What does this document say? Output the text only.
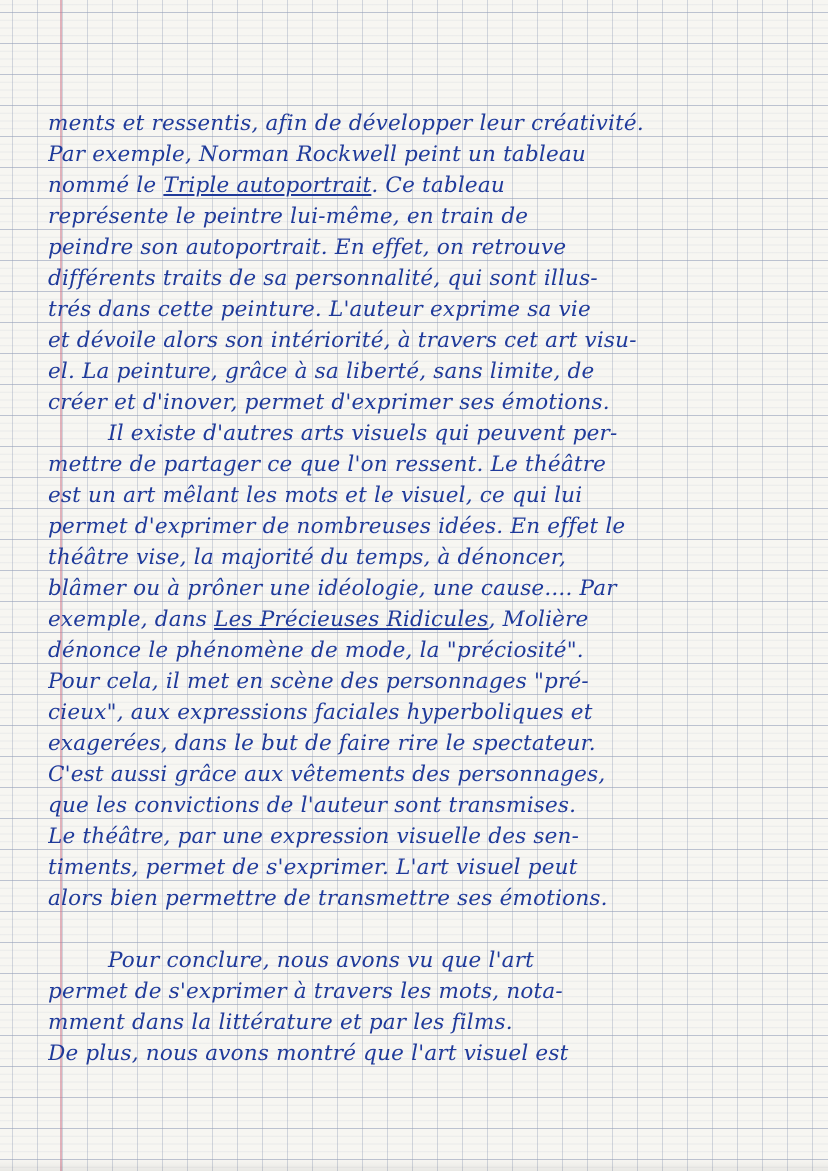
ments et ressentis, afin de développer leur créativité.
Par exemple, Norman Rockwell peint un tableau
nommé le Triple autoportrait. Ce tableau
représente le peintre lui-même, en train de
peindre son autoportrait. En effet, on retrouve
différents traits de sa personnalité, qui sont illus-
trés dans cette peinture. L'auteur exprime sa vie
et dévoile alors son intériorité, à travers cet art visu-
el. La peinture, grâce à sa liberté, sans limite, de
créer et d'inover, permet d'exprimer ses émotions.
Il existe d'autres arts visuels qui peuvent per-
mettre de partager ce que l'on ressent. Le théâtre
est un art mêlant les mots et le visuel, ce qui lui
permet d'exprimer de nombreuses idées. En effet le
théâtre vise, la majorité du temps, à dénoncer,
blâmer ou à prôner une idéologie, une cause.... Par
exemple, dans Les Précieuses Ridicules, Molière
dénonce le phénomène de mode, la "préciosité".
Pour cela, il met en scène des personnages "pré-
cieux", aux expressions faciales hyperboliques et
exagerées, dans le but de faire rire le spectateur.
C'est aussi grâce aux vêtements des personnages,
que les convictions de l'auteur sont transmises.
Le théâtre, par une expression visuelle des sen-
timents, permet de s'exprimer. L'art visuel peut
alors bien permettre de transmettre ses émotions.
Pour conclure, nous avons vu que l'art
permet de s'exprimer à travers les mots, nota-
mment dans la littérature et par les films.
De plus, nous avons montré que l'art visuel est
